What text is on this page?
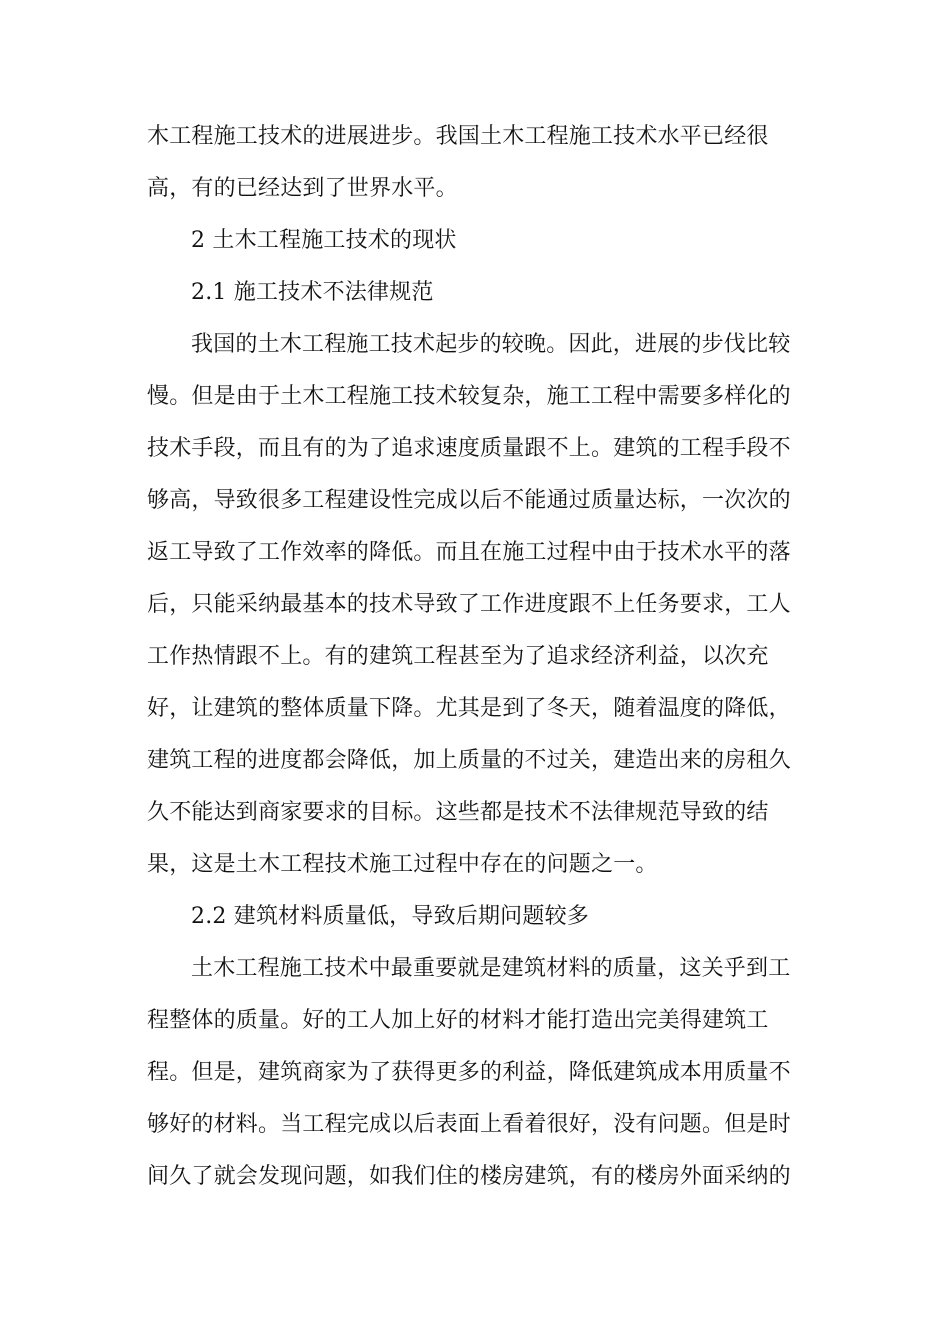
木工程施工技术的进展进步。我国土木工程施工技术水平已经很
高，有的已经达到了世界水平。
2 土木工程施工技术的现状
2.1 施工技术不法律规范
我国的土木工程施工技术起步的较晚。因此，进展的步伐比较
慢。但是由于土木工程施工技术较复杂，施工工程中需要多样化的
技术手段，而且有的为了追求速度质量跟不上。建筑的工程手段不
够高，导致很多工程建设性完成以后不能通过质量达标，一次次的
返工导致了工作效率的降低。而且在施工过程中由于技术水平的落
后，只能采纳最基本的技术导致了工作进度跟不上任务要求，工人
工作热情跟不上。有的建筑工程甚至为了追求经济利益，以次充
好，让建筑的整体质量下降。尤其是到了冬天，随着温度的降低，
建筑工程的进度都会降低，加上质量的不过关，建造出来的房租久
久不能达到商家要求的目标。这些都是技术不法律规范导致的结
果，这是土木工程技术施工过程中存在的问题之一。
2.2 建筑材料质量低，导致后期问题较多
土木工程施工技术中最重要就是建筑材料的质量，这关乎到工
程整体的质量。好的工人加上好的材料才能打造出完美得建筑工
程。但是，建筑商家为了获得更多的利益，降低建筑成本用质量不
够好的材料。当工程完成以后表面上看着很好，没有问题。但是时
间久了就会发现问题，如我们住的楼房建筑，有的楼房外面采纳的
